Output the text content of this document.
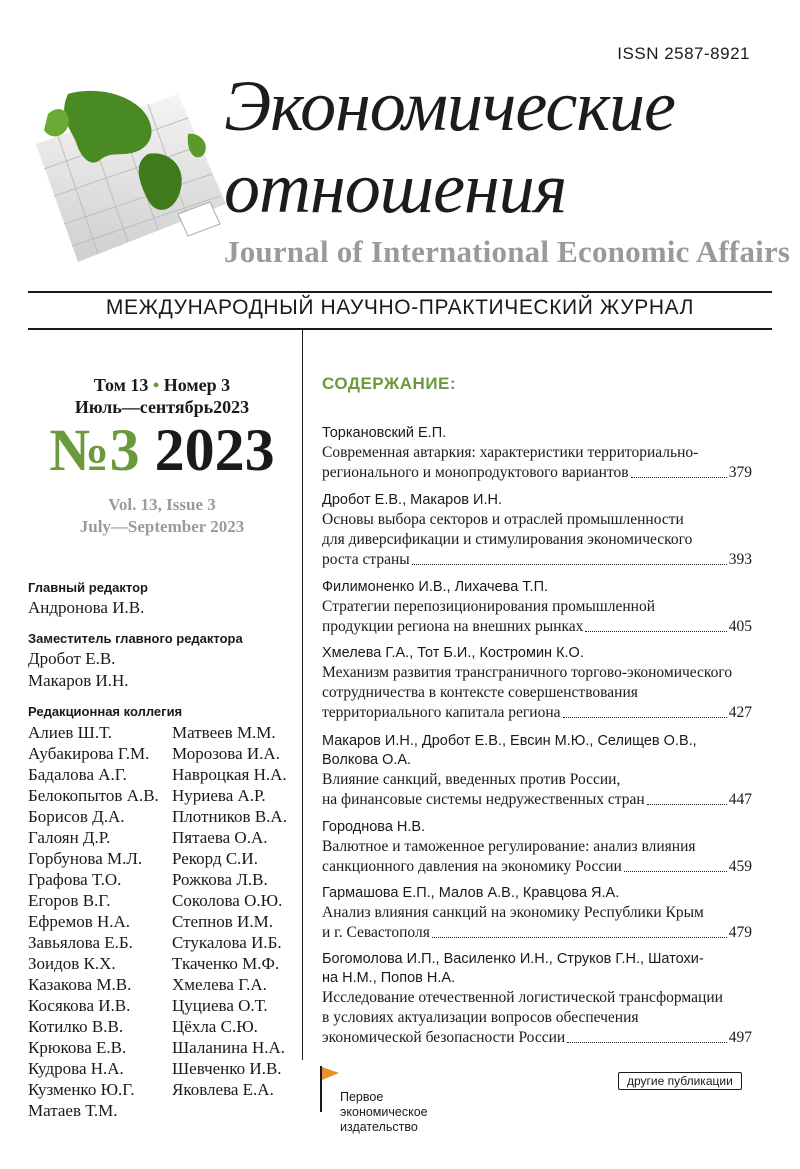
ISSN 2587-8921
Экономические
отношения
Journal of International Economic Affairs
МЕЖДУНАРОДНЫЙ НАУЧНО-ПРАКТИЧЕСКИЙ ЖУРНАЛ
Том 13 • Номер 3
Июль—сентябрь2023
№3 2023
Vol. 13, Issue 3
July—September 2023
Главный редактор
Андронова И.В.
Заместитель главного редактора
Дробот Е.В.
Макаров И.Н.
Редакционная коллегия
Алиев Ш.Т.
Аубакирова Г.М.
Бадалова А.Г.
Белокопытов А.В.
Борисов Д.А.
Галоян Д.Р.
Горбунова М.Л.
Графова Т.О.
Егоров В.Г.
Ефремов Н.А.
Завьялова Е.Б.
Зоидов К.Х.
Казакова М.В.
Косякова И.В.
Котилко В.В.
Крюкова Е.В.
Кудрова Н.А.
Кузменко Ю.Г.
Матаев Т.М.
Матвеев М.М.
Морозова И.А.
Навроцкая Н.А.
Нуриева А.Р.
Плотников В.А.
Пятаева О.А.
Рекорд С.И.
Рожкова Л.В.
Соколова О.Ю.
Степнов И.М.
Стукалова И.Б.
Ткаченко М.Ф.
Хмелева Г.А.
Цуциева О.Т.
Цёхла С.Ю.
Шаланина Н.А.
Шевченко И.В.
Яковлева Е.А.
СОДЕРЖАНИЕ:
Торкановский Е.П.
Современная автаркия: характеристики территориально-
регионального и монопродуктового вариантов	379
Дробот Е.В., Макаров И.Н.
Основы выбора секторов и отраслей промышленности
для диверсификации и стимулирования экономического
роста страны	393
Филимоненко И.В., Лихачева Т.П.
Стратегии перепозиционирования промышленной
продукции региона на внешних рынках	405
Хмелева Г.А., Тот Б.И., Костромин К.О.
Механизм развития трансграничного торгово-экономического
сотрудничества в контексте совершенствования
территориального капитала региона	427
Макаров И.Н., Дробот Е.В., Евсин М.Ю., Селищев О.В.,
Волкова О.А.
Влияние санкций, введенных против России,
на финансовые системы недружественных стран	447
Городнова Н.В.
Валютное и таможенное регулирование: анализ влияния
санкционного давления на экономику России	459
Гармашова Е.П., Малов А.В., Кравцова Я.А.
Анализ влияния санкций на экономику Республики Крым
и г. Севастополя	479
Богомолова И.П., Василенко И.Н., Струков Г.Н., Шатохи-
на Н.М., Попов Н.А.
Исследование отечественной логистической трансформации
в условиях актуализации вопросов обеспечения
экономической безопасности России	497
Первое
экономическое
издательство
другие публикации
